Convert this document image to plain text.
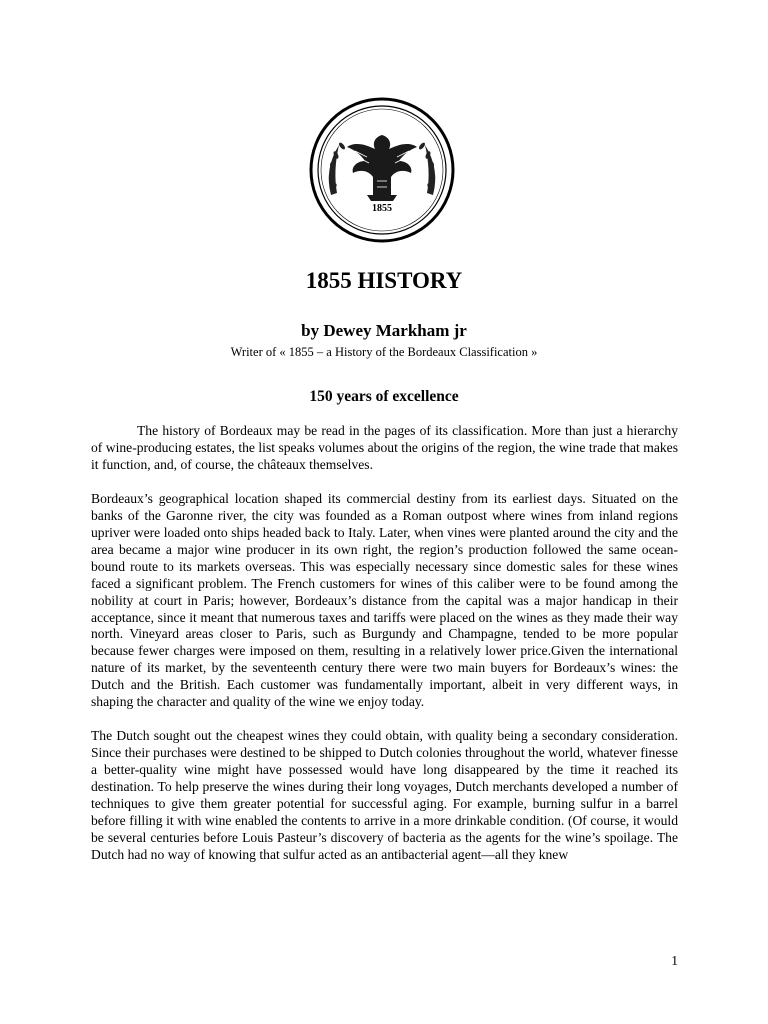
1855
1855 HISTORY
by Dewey Markham jr
Writer of « 1855 – a History of the Bordeaux Classification »
150 years of excellence

The history of Bordeaux may be read in the pages of its classification. More than just a hierarchy of wine-producing estates, the list speaks volumes about the origins of the region, the wine trade that makes it function, and, of course, the châteaux themselves.

Bordeaux’s geographical location shaped its commercial destiny from its earliest days. Situated on the banks of the Garonne river, the city was founded as a Roman outpost where wines from inland regions upriver were loaded onto ships headed back to Italy. Later, when vines were planted around the city and the area became a major wine producer in its own right, the region’s production followed the same ocean-bound route to its markets overseas. This was especially necessary since domestic sales for these wines faced a significant problem. The French customers for wines of this caliber were to be found among the nobility at court in Paris; however, Bordeaux’s distance from the capital was a major handicap in their acceptance, since it meant that numerous taxes and tariffs were placed on the wines as they made their way north. Vineyard areas closer to Paris, such as Burgundy and Champagne, tended to be more popular because fewer charges were imposed on them, resulting in a relatively lower price.Given the international nature of its market, by the seventeenth century there were two main buyers for Bordeaux’s wines: the Dutch and the British. Each customer was fundamentally important, albeit in very different ways, in shaping the character and quality of the wine we enjoy today.

The Dutch sought out the cheapest wines they could obtain, with quality being a secondary consideration. Since their purchases were destined to be shipped to Dutch colonies throughout the world, whatever finesse a better-quality wine might have possessed would have long disappeared by the time it reached its destination. To help preserve the wines during their long voyages, Dutch merchants developed a number of techniques to give them greater potential for successful aging. For example, burning sulfur in a barrel before filling it with wine enabled the contents to arrive in a more drinkable condition. (Of course, it would be several centuries before Louis Pasteur’s discovery of bacteria as the agents for the wine’s spoilage. The Dutch had no way of knowing that sulfur acted as an antibacterial agent—all they knew

1
